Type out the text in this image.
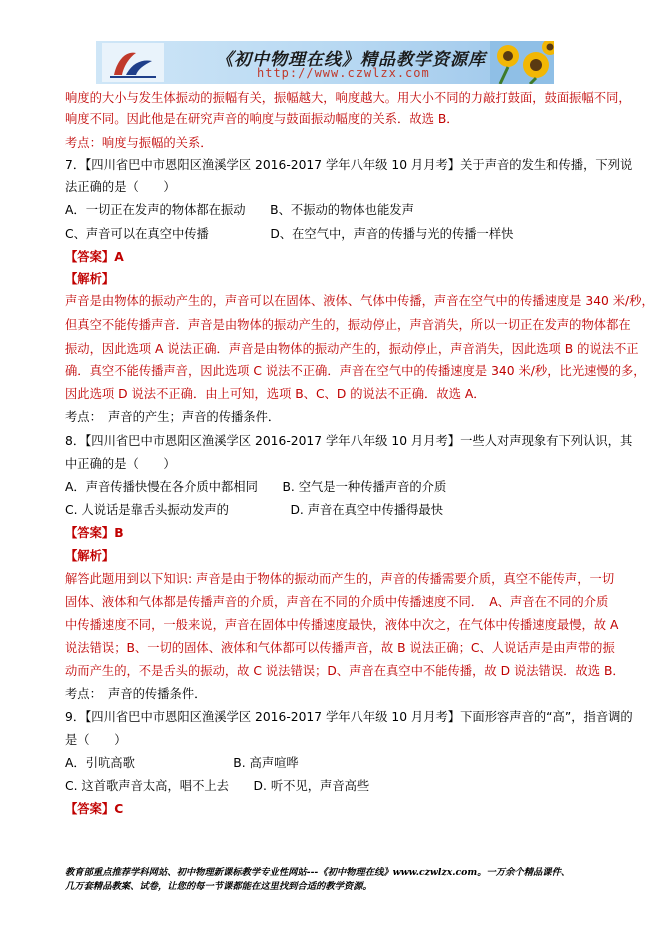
《初中物理在线》精品教学资源库
http://www.czwlzx.com
响度的大小与发生体振动的振幅有关，振幅越大，响度越大。用大小不同的力敲打鼓面，鼓面振幅不同，
响度不同。因此他是在研究声音的响度与鼓面振动幅度的关系．故选 B．
考点：响度与振幅的关系．
7．【四川省巴中市恩阳区渔溪学区 2016-2017 学年八年级 10 月月考】关于声音的发生和传播，下列说
法正确的是（　　）
A．一切正在发声的物体都在振动　　B、不振动的物体也能发声
C、声音可以在真空中传播　　　　　D、在空气中，声音的传播与光的传播一样快
【答案】A
【解析】
声音是由物体的振动产生的，声音可以在固体、液体、气体中传播，声音在空气中的传播速度是 340 米/秒，
但真空不能传播声音．声音是由物体的振动产生的，振动停止，声音消失，所以一切正在发声的物体都在
振动，因此选项 A 说法正确．声音是由物体的振动产生的，振动停止，声音消失，因此选项 B 的说法不正
确．真空不能传播声音，因此选项 C 说法不正确．声音在空气中的传播速度是 340 米/秒，比光速慢的多，
因此选项 D 说法不正确．由上可知，选项 B、C、D 的说法不正确．故选 A．
考点：　声音的产生；声音的传播条件．
8．【四川省巴中市恩阳区渔溪学区 2016-2017 学年八年级 10 月月考】一些人对声现象有下列认识，其
中正确的是（　　）
A．声音传播快慢在各介质中都相同　　B. 空气是一种传播声音的介质
C. 人说话是靠舌头振动发声的　　　　　D. 声音在真空中传播得最快
【答案】B
【解析】
解答此题用到以下知识: 声音是由于物体的振动而产生的，声音的传播需要介质，真空不能传声，一切
固体、液体和气体都是传播声音的介质，声音在不同的介质中传播速度不同．　A、声音在不同的介质
中传播速度不同，一般来说，声音在固体中传播速度最快，液体中次之，在气体中传播速度最慢，故 A
说法错误；B、一切的固体、液体和气体都可以传播声音，故 B 说法正确；C、人说话声是由声带的振
动而产生的，不是舌头的振动，故 C 说法错误；D、声音在真空中不能传播，故 D 说法错误．故选 B．
考点：　声音的传播条件．
9．【四川省巴中市恩阳区渔溪学区 2016-2017 学年八年级 10 月月考】下面形容声音的“高”，指音调的
是（　　）
A．引吭高歌　　　　　　　　B. 高声喧哗
C. 这首歌声音太高，唱不上去　　D. 听不见，声音高些
【答案】C
教育部重点推荐学科网站、初中物理新课标教学专业性网站---《初中物理在线》www.czwlzx.com。一万余个精品课件、
几万套精品教案、试卷，让您的每一节课都能在这里找到合适的教学资源。
